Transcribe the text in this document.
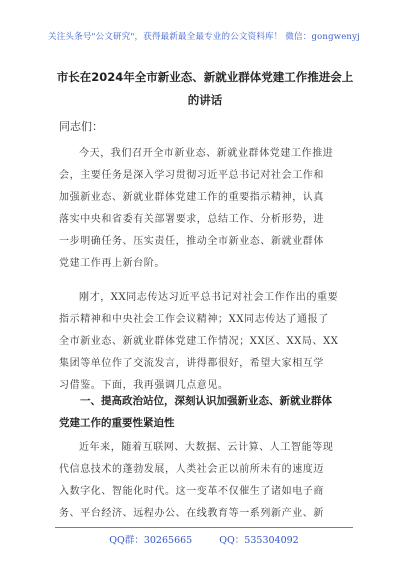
关注头条号"公文研究"，获得最新最全最专业的公文资料库！ 微信：gongwenyj
市长在2024年全市新业态、新就业群体党建工作推进会上
的讲话
同志们：
今天，我们召开全市新业态、新就业群体党建工作推进
会，主要任务是深入学习贯彻习近平总书记对社会工作和
加强新业态、新就业群体党建工作的重要指示精神，认真
落实中央和省委有关部署要求，总结工作、分析形势，进
一步明确任务、压实责任，推动全市新业态、新就业群体
党建工作再上新台阶。
刚才，XX同志传达习近平总书记对社会工作作出的重要
指示精神和中央社会工作会议精神；XX同志传达了通报了
全市新业态、新就业群体党建工作情况；XX区、XX局、XX
集团等单位作了交流发言，讲得都很好，希望大家相互学
习借鉴。下面，我再强调几点意见。
一、提高政治站位，深刻认识加强新业态、新就业群体
党建工作的重要性紧迫性
近年来，随着互联网、大数据、云计算、人工智能等现
代信息技术的蓬勃发展，人类社会正以前所未有的速度迈
入数字化、智能化时代。这一变革不仅催生了诸如电子商
务、平台经济、远程办公、在线教育等一系列新产业、新
QQ群：30265665	QQ：535304092
